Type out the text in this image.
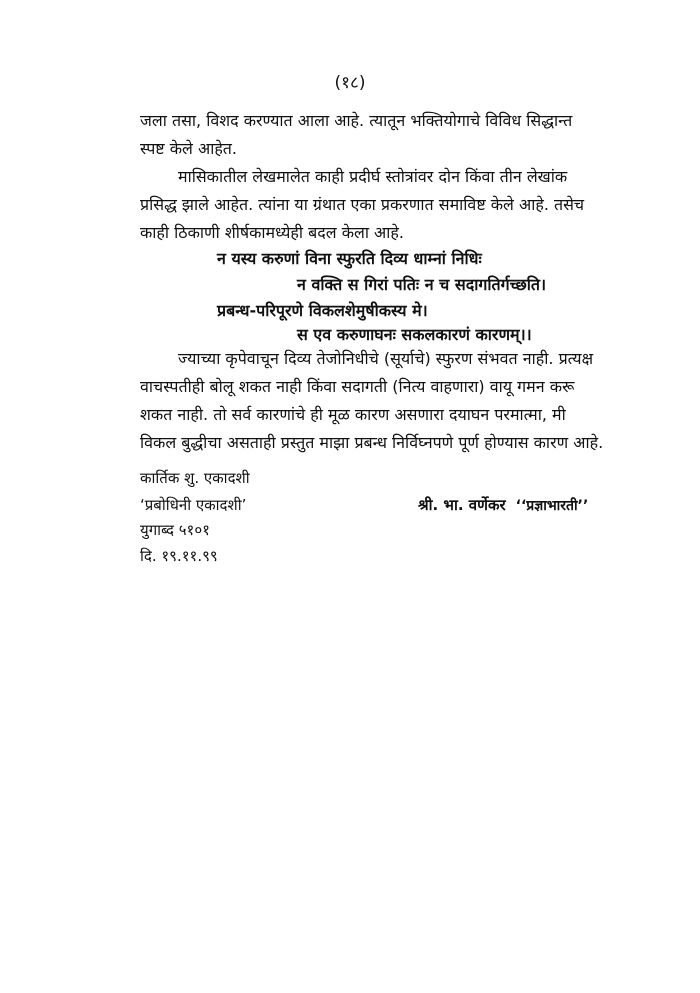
(१८)
जला तसा, विशद करण्यात आला आहे. त्यातून भक्तियोगाचे विविध सिद्धान्त
स्पष्ट केले आहेत.
मासिकातील लेखमालेत काही प्रदीर्घ स्तोत्रांवर दोन किंवा तीन लेखांक
प्रसिद्ध झाले आहेत. त्यांना या ग्रंथात एका प्रकरणात समाविष्ट केले आहे. तसेच
काही ठिकाणी शीर्षकामध्येही बदल केला आहे.
न यस्य करुणां विना स्फुरति दिव्य धाम्नां निधिः
न वक्ति स गिरां पतिः न च सदागतिर्गच्छति।
प्रबन्ध-परिपूरणे विकलशेमुषीकस्य मे।
स एव करुणाघनः सकलकारणं कारणम्।।
ज्याच्या कृपेवाचून दिव्य तेजोनिधीचे (सूर्याचे) स्फुरण संभवत नाही. प्रत्यक्ष
वाचस्पतीही बोलू शकत नाही किंवा सदागती (नित्य वाहणारा) वायू गमन करू
शकत नाही. तो सर्व कारणांचे ही मूळ कारण असणारा दयाघन परमात्मा, मी
विकल बुद्धीचा असताही प्रस्तुत माझा प्रबन्ध निर्विघ्नपणे पूर्ण होण्यास कारण आहे.
कार्तिक शु. एकादशी
‘प्रबोधिनी एकादशी’
युगाब्द ५१०१
दि. १९.११.९९
श्री. भा. वर्णेकर ‘‘प्रज्ञाभारती’’
